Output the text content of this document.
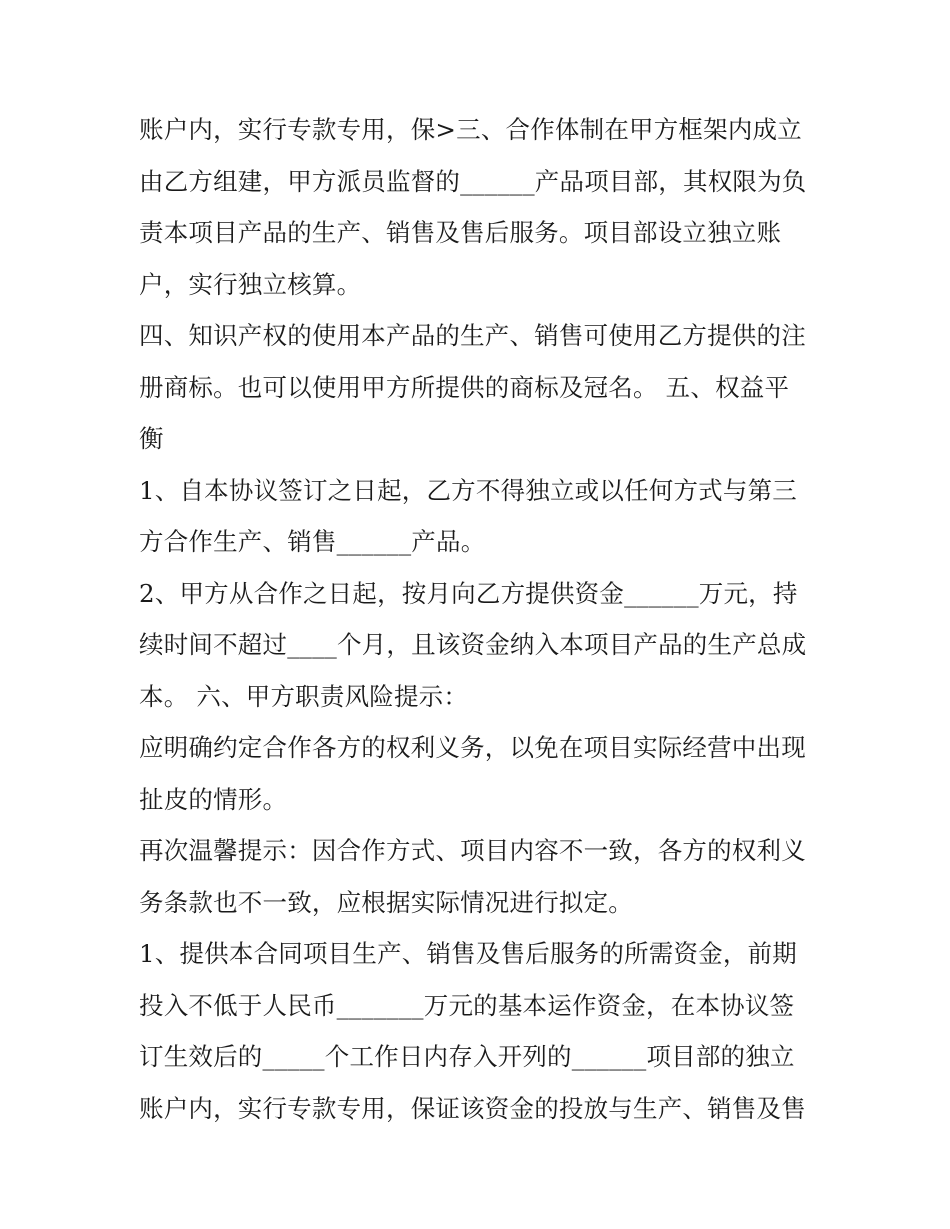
账户内，实行专款专用，保>三、合作体制在甲方框架内成立
由乙方组建，甲方派员监督的______产品项目部，其权限为负
责本项目产品的生产、销售及售后服务。项目部设立独立账
户，实行独立核算。
四、知识产权的使用本产品的生产、销售可使用乙方提供的注
册商标。也可以使用甲方所提供的商标及冠名。 五、权益平
衡
1、自本协议签订之日起，乙方不得独立或以任何方式与第三
方合作生产、销售______产品。
2、甲方从合作之日起，按月向乙方提供资金______万元，持
续时间不超过____个月，且该资金纳入本项目产品的生产总成
本。 六、甲方职责风险提示：
应明确约定合作各方的权利义务，以免在项目实际经营中出现
扯皮的情形。
再次温馨提示：因合作方式、项目内容不一致，各方的权利义
务条款也不一致，应根据实际情况进行拟定。
1、提供本合同项目生产、销售及售后服务的所需资金，前期
投入不低于人民币_______万元的基本运作资金，在本协议签
订生效后的_____个工作日内存入开列的______项目部的独立
账户内，实行专款专用，保证该资金的投放与生产、销售及售
